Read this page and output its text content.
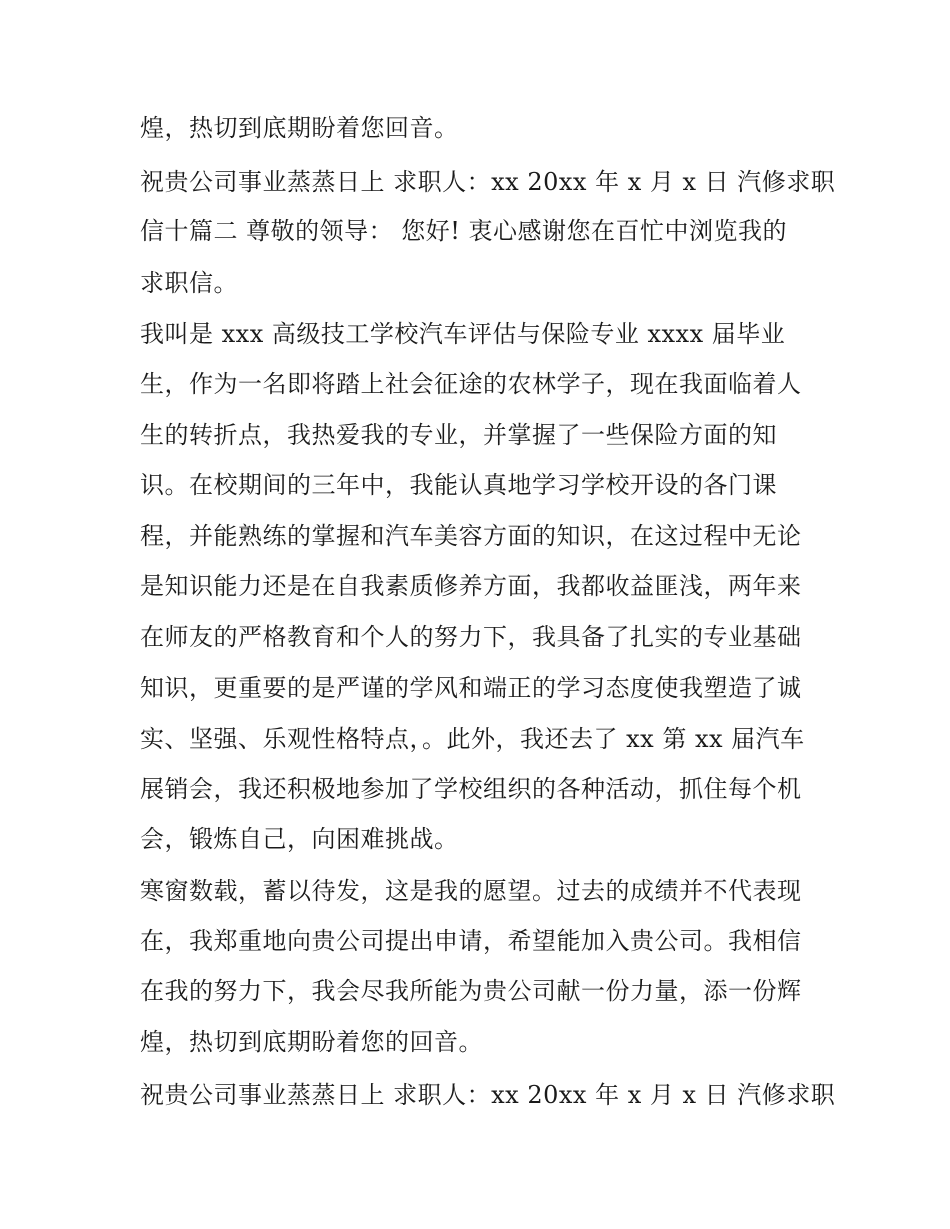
煌，热切到底期盼着您回音。
祝贵公司事业蒸蒸日上 求职人：xx 20xx 年 x 月 x 日 汽修求职
信十篇二 尊敬的领导： 您好! 衷心感谢您在百忙中浏览我的
求职信。
我叫是 xxx 高级技工学校汽车评估与保险专业 xxxx 届毕业
生，作为一名即将踏上社会征途的农林学子，现在我面临着人
生的转折点，我热爱我的专业，并掌握了一些保险方面的知
识。在校期间的三年中，我能认真地学习学校开设的各门课
程，并能熟练的掌握和汽车美容方面的知识，在这过程中无论
是知识能力还是在自我素质修养方面，我都收益匪浅，两年来
在师友的严格教育和个人的努力下，我具备了扎实的专业基础
知识，更重要的是严谨的学风和端正的学习态度使我塑造了诚
实、坚强、乐观性格特点，。此外，我还去了 xx 第 xx 届汽车
展销会，我还积极地参加了学校组织的各种活动，抓住每个机
会，锻炼自己，向困难挑战。
寒窗数载，蓄以待发，这是我的愿望。过去的成绩并不代表现
在，我郑重地向贵公司提出申请，希望能加入贵公司。我相信
在我的努力下，我会尽我所能为贵公司献一份力量，添一份辉
煌，热切到底期盼着您的回音。
祝贵公司事业蒸蒸日上 求职人：xx 20xx 年 x 月 x 日 汽修求职
